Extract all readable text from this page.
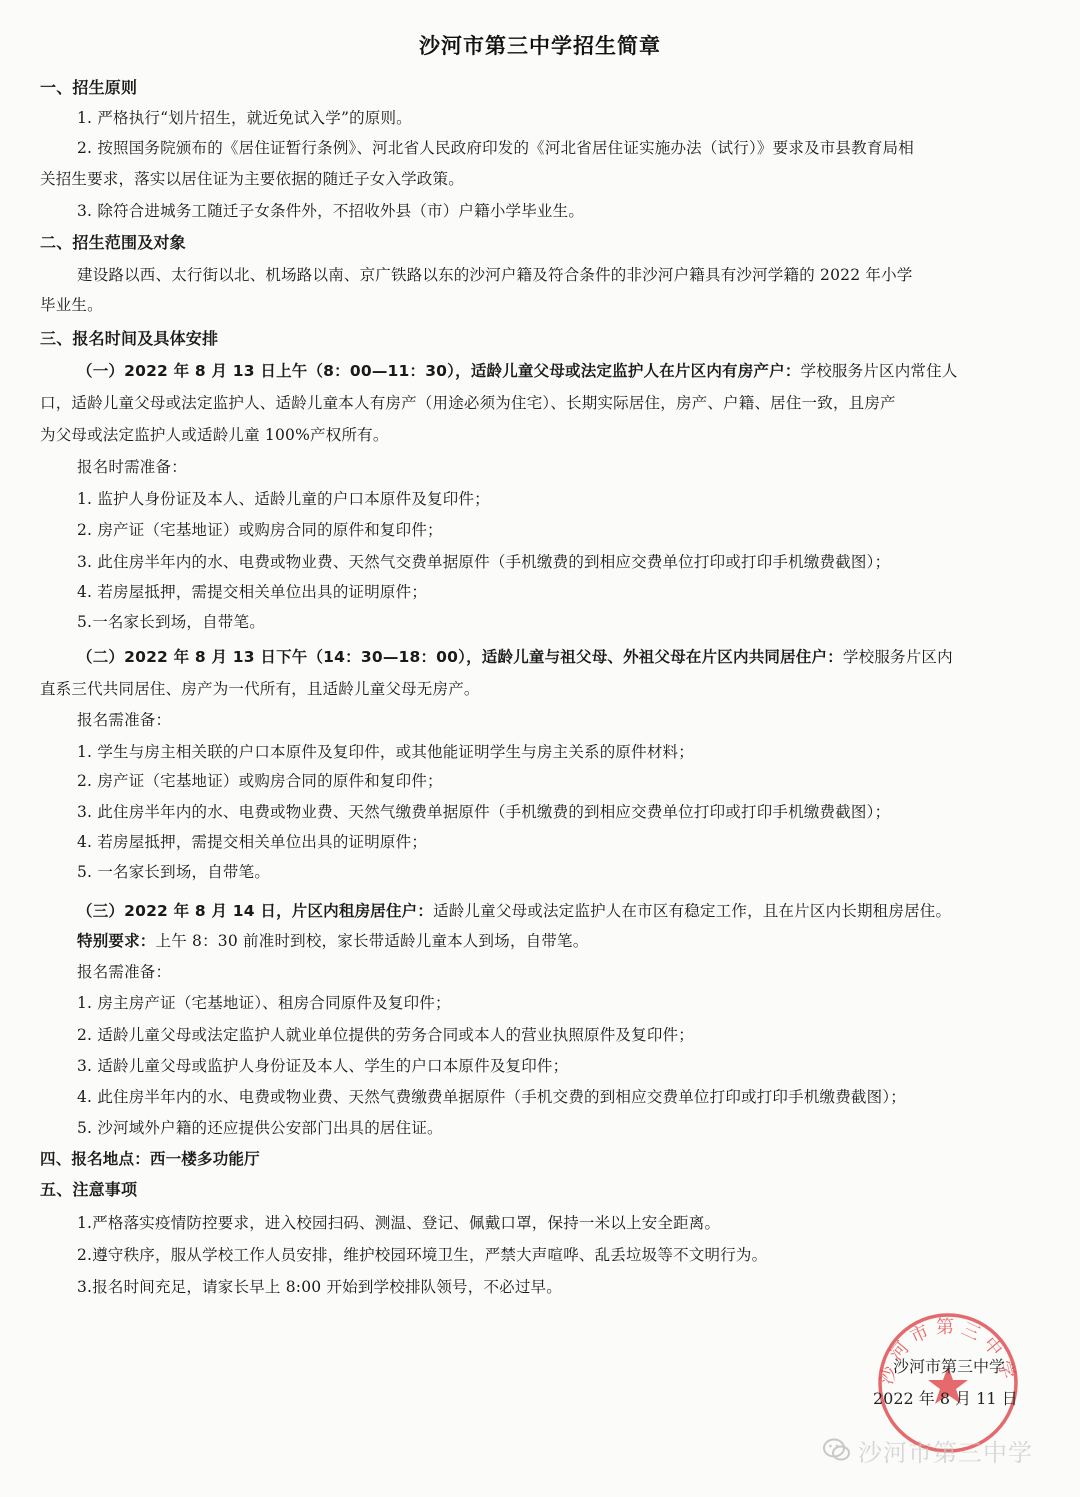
沙河市第三中学招生简章
一、招生原则
1. 严格执行“划片招生，就近免试入学”的原则。
2. 按照国务院颁布的《居住证暂行条例》、河北省人民政府印发的《河北省居住证实施办法（试行）》要求及市县教育局相
关招生要求，落实以居住证为主要依据的随迁子女入学政策。
3. 除符合进城务工随迁子女条件外，不招收外县（市）户籍小学毕业生。
二、招生范围及对象
建设路以西、太行街以北、机场路以南、京广铁路以东的沙河户籍及符合条件的非沙河户籍具有沙河学籍的 2022 年小学
毕业生。
三、报名时间及具体安排
（一）2022 年 8 月 13 日上午（8：00—11：30），适龄儿童父母或法定监护人在片区内有房产户：学校服务片区内常住人
口，适龄儿童父母或法定监护人、适龄儿童本人有房产（用途必须为住宅）、长期实际居住，房产、户籍、居住一致，且房产
为父母或法定监护人或适龄儿童 100%产权所有。
报名时需准备：
1. 监护人身份证及本人、适龄儿童的户口本原件及复印件；
2. 房产证（宅基地证）或购房合同的原件和复印件；
3. 此住房半年内的水、电费或物业费、天然气交费单据原件（手机缴费的到相应交费单位打印或打印手机缴费截图）；
4. 若房屋抵押，需提交相关单位出具的证明原件；
5.一名家长到场，自带笔。
（二）2022 年 8 月 13 日下午（14：30—18：00），适龄儿童与祖父母、外祖父母在片区内共同居住户：学校服务片区内
直系三代共同居住、房产为一代所有，且适龄儿童父母无房产。
报名需准备：
1. 学生与房主相关联的户口本原件及复印件，或其他能证明学生与房主关系的原件材料；
2. 房产证（宅基地证）或购房合同的原件和复印件；
3. 此住房半年内的水、电费或物业费、天然气缴费单据原件（手机缴费的到相应交费单位打印或打印手机缴费截图）；
4. 若房屋抵押，需提交相关单位出具的证明原件；
5. 一名家长到场，自带笔。
（三）2022 年 8 月 14 日，片区内租房居住户：适龄儿童父母或法定监护人在市区有稳定工作，且在片区内长期租房居住。
特别要求：上午 8：30 前准时到校，家长带适龄儿童本人到场，自带笔。
报名需准备：
1. 房主房产证（宅基地证）、租房合同原件及复印件；
2. 适龄儿童父母或法定监护人就业单位提供的劳务合同或本人的营业执照原件及复印件；
3. 适龄儿童父母或监护人身份证及本人、学生的户口本原件及复印件；
4. 此住房半年内的水、电费或物业费、天然气费缴费单据原件（手机交费的到相应交费单位打印或打印手机缴费截图）；
5. 沙河域外户籍的还应提供公安部门出具的居住证。
四、报名地点：西一楼多功能厅
五、注意事项
1.严格落实疫情防控要求，进入校园扫码、测温、登记、佩戴口罩，保持一米以上安全距离。
2.遵守秩序，服从学校工作人员安排，维护校园环境卫生，严禁大声喧哗、乱丢垃圾等不文明行为。
3.报名时间充足，请家长早上 8:00 开始到学校排队领号，不必过早。
沙河市第三中学
沙河市第三中学
2022 年 8 月 11 日
沙河市第三中学
